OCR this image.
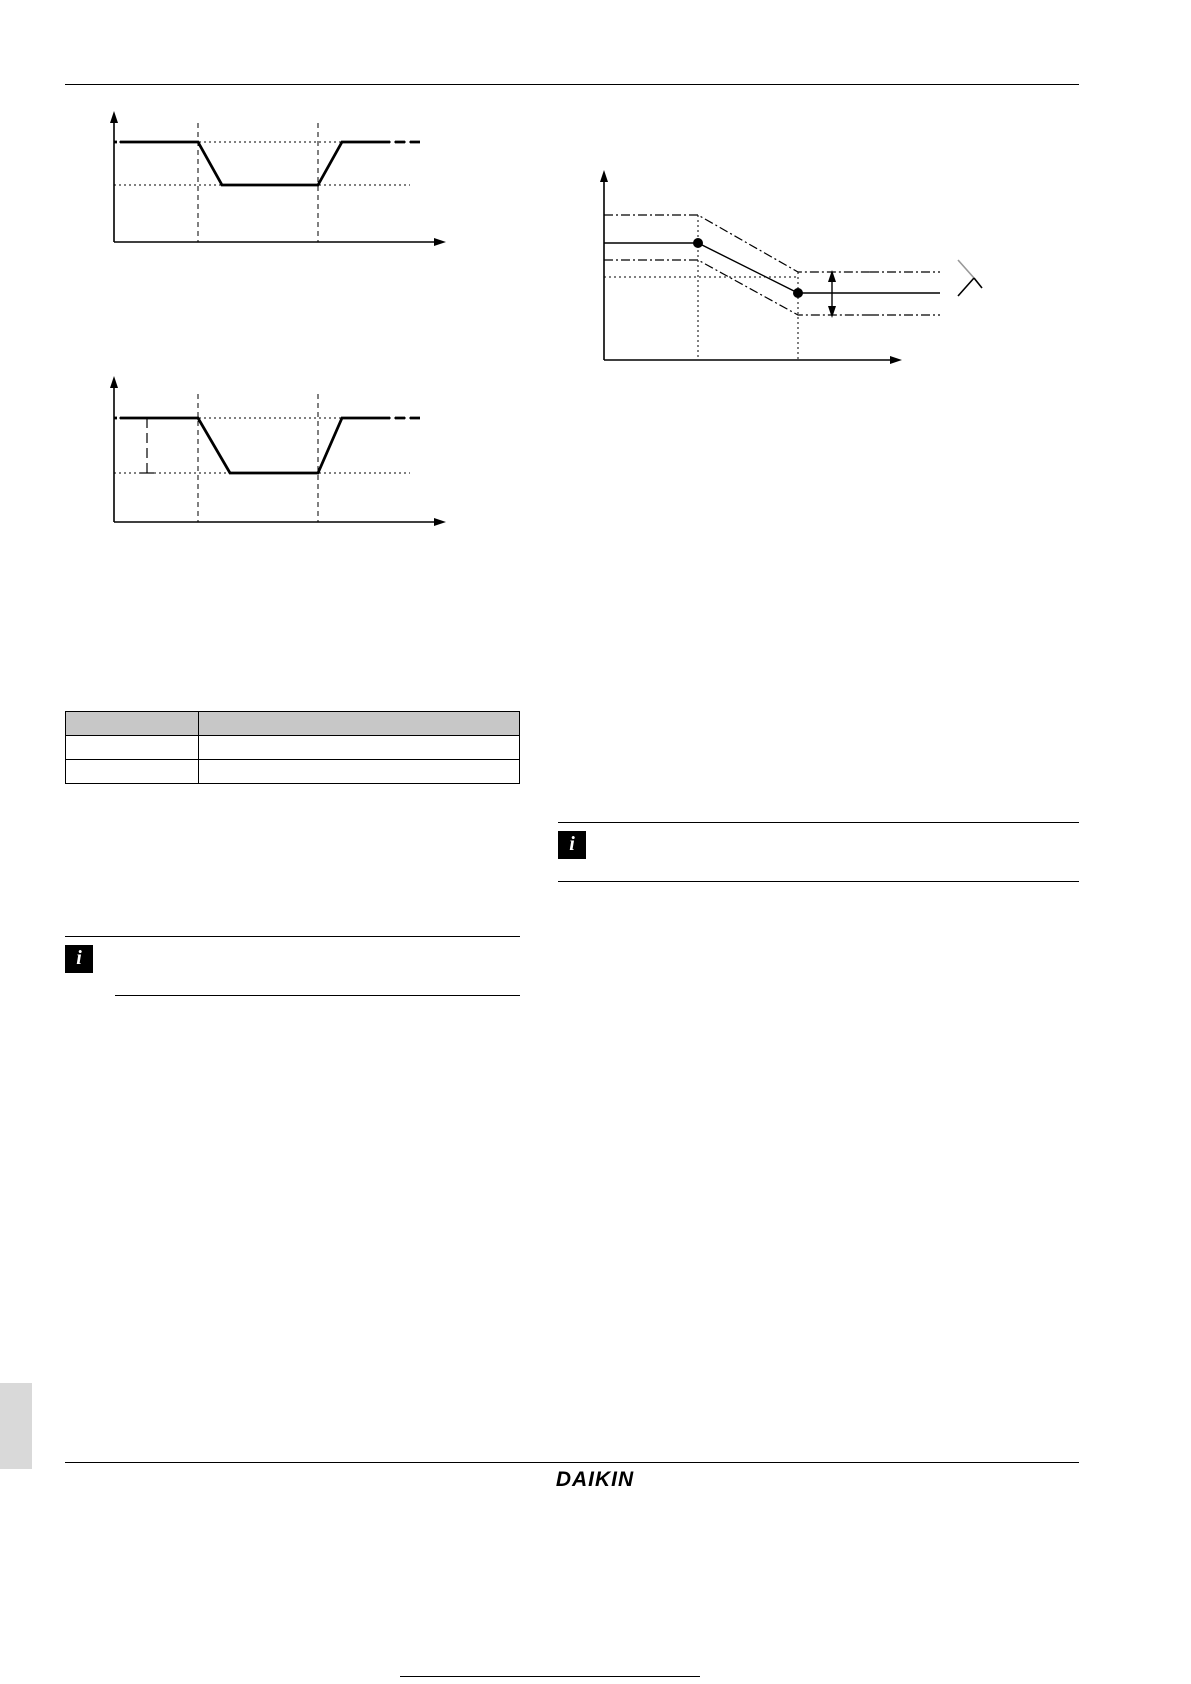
i
i
DAIKIN
